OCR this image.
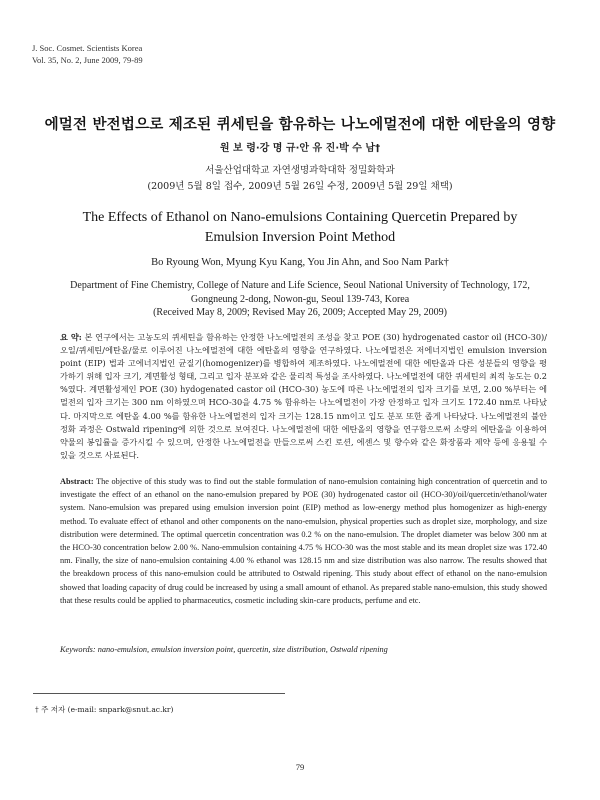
J. Soc. Cosmet. Scientists Korea
Vol. 35, No. 2, June 2009, 79-89
에멀전 반전법으로 제조된 퀴세틴을 함유하는 나노에멀전에 대한 에탄올의 영향
원 보 령·강 명 규·안 유 진·박 수 남†
서울산업대학교 자연생명과학대학 정밀화학과
(2009년 5월 8일 접수, 2009년 5월 26일 수정, 2009년 5월 29일 채택)
The Effects of Ethanol on Nano-emulsions Containing Quercetin Prepared by
Emulsion Inversion Point Method
Bo Ryoung Won, Myung Kyu Kang, You Jin Ahn, and Soo Nam Park†
Department of Fine Chemistry, College of Nature and Life Science, Seoul National University of Technology, 172,
Gongneung 2-dong, Nowon-gu, Seoul 139-743, Korea
(Received May 8, 2009; Revised May 26, 2009; Accepted May 29, 2009)
요 약: 본 연구에서는 고농도의 퀴세틴을 함유하는 안정한 나노에멀전의 조성을 찾고 POE (30) hydrogenated castor oil (HCO-30)/오일/퀴세틴/에탄올/물로 이루어진 나노에멀전에 대한 에탄올의 영향을 연구하였다. 나노에멀전은 저에너지법인 emulsion inversion point (EIP) 법과 고에너지법인 균질기(homogenizer)를 병합하여 제조하였다. 나노에멀전에 대한 에탄올과 다른 성분들의 영향을 평가하기 위해 입자 크기, 계면활성 형태, 그리고 입자 분포와 같은 물리적 특성을 조사하였다. 나노에멀전에 대한 퀴세틴의 최적 농도는 0.2 %였다. 계면활성제인 POE (30) hydogenated castor oil (HCO-30) 농도에 따른 나노에멀전의 입자 크기를 보면, 2.00 %부터는 에멀전의 입자 크기는 300 nm 이하였으며 HCO-30을 4.75 % 함유하는 나노에멀전이 가장 안정하고 입자 크기도 172.40 nm로 나타났다. 마지막으로 에탄올 4.00 %를 함유한 나노에멀전의 입자 크기는 128.15 nm이고 입도 분포 또한 좁게 나타났다. 나노에멀전의 불안정화 과정은 Ostwald ripening에 의한 것으로 보여진다. 나노에멀전에 대한 에탄올의 영향을 연구함으로써 소량의 에탄올을 이용하여 약물의 봉입률을 증가시킬 수 있으며, 안정한 나노에멀전을 만들으로써 스킨 로션, 에센스 및 향수와 같은 화장품과 제약 등에 응용될 수 있을 것으로 사료된다.
Abstract: The objective of this study was to find out the stable formulation of nano-emulsion containing high concentration of quercetin and to investigate the effect of an ethanol on the nano-emulsion prepared by POE (30) hydrogenated castor oil (HCO-30)/oil/quercetin/ethanol/water system. Nano-emulsion was prepared using emulsion inversion point (EIP) method as low-energy method plus homogenizer as high-energy method. To evaluate effect of ethanol and other components on the nano-emulsion, physical properties such as droplet size, morphology, and size distribution were determined. The optimal quercetin concentration was 0.2 % on the nano-emulsion. The droplet diameter was below 300 nm at the HCO-30 concentration below 2.00 %. Nano-emmulsion containing 4.75 % HCO-30 was the most stable and its mean droplet size was 172.40 nm. Finally, the size of nano-emulsion containing 4.00 % ethanol was 128.15 nm and size distribution was also narrow. The results showed that the breakdown process of this nano-emulsion could be attributed to Ostwald ripening. This study about effect of ethanol on the nano-emulsion showed that loading capacity of drug could be increased by using a small amount of ethanol. As prepared stable nano-emulsion, this study showed that these results could be applied to pharmaceutics, cosmetic including skin-care products, perfume and etc.
Keywords: nano-emulsion, emulsion inversion point, quercetin, size distribution, Ostwald ripening
† 주 저자 (e-mail: snpark@snut.ac.kr)
79
